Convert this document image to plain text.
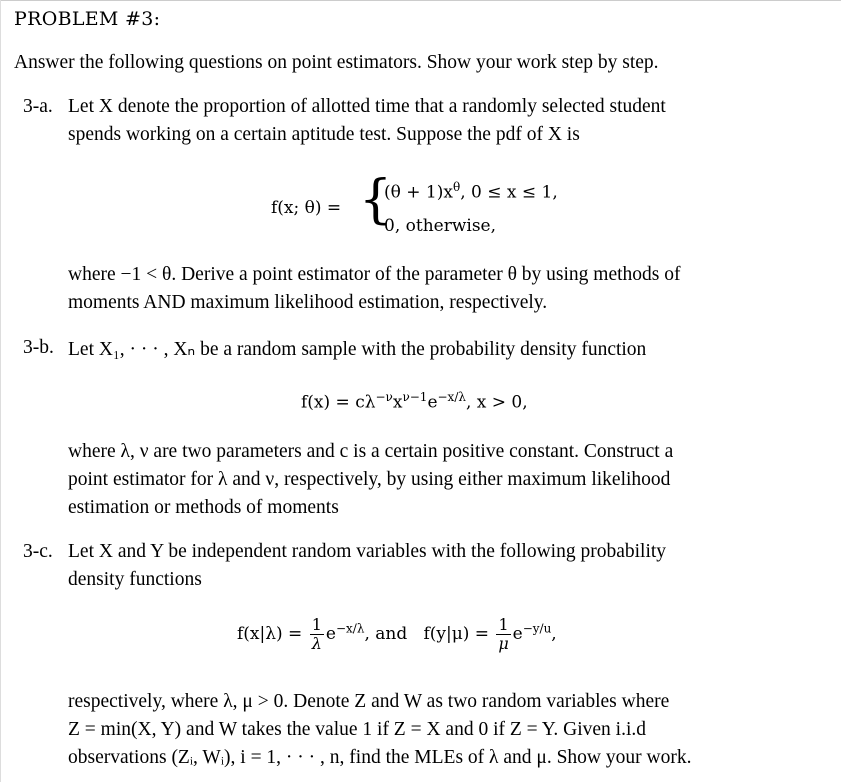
PROBLEM #3:
Answer the following questions on point estimators. Show your work step by step.
3-a. Let X denote the proportion of allotted time that a randomly selected student
spends working on a certain aptitude test. Suppose the pdf of X is
f(x; θ) = {
$(\theta + 1)x^\theta$, 0 ≤ x ≤ 1,
0, otherwise,
where −1 < θ. Derive a point estimator of the parameter θ by using methods of
moments AND maximum likelihood estimation, respectively.
3-b. Let X₁, · · · , Xₙ be a random sample with the probability density function
$f(x) = c\lambda^{-\nu}x^{\nu-1}e^{-x/\lambda}$, x > 0,
where λ, ν are two parameters and c is a certain positive constant. Construct a
point estimator for λ and ν, respectively, by using either maximum likelihood
estimation or methods of moments
3-c. Let X and Y be independent random variables with the following probability
density functions
$f(x|\lambda) = \frac{1}{\lambda} e^{-x/\lambda}$, and $f(y|\mu) = \frac{1}{\mu} e^{-y/u}$,
respectively, where λ, μ > 0. Denote Z and W as two random variables where
Z = min(X, Y) and W takes the value 1 if Z = X and 0 if Z = Y. Given i.i.d
observations (Zᵢ, Wᵢ), i = 1, · · · , n, find the MLEs of λ and μ. Show your work.
